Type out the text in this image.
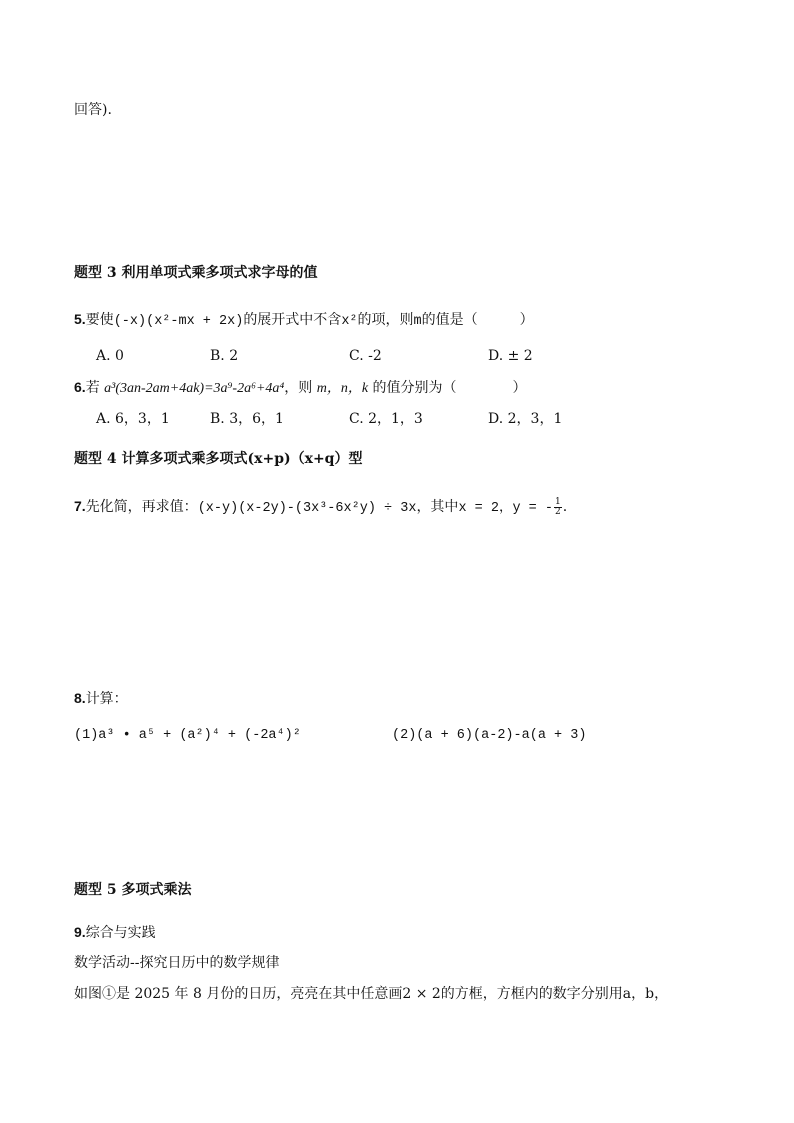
回答).
题型 3 利用单项式乘多项式求字母的值
5.要使(-x)(x²-mx + 2x)的展开式中不含x²的项，则m的值是（　　　）
A. 0	B. 2	C. -2	D. ± 2
6.若 a³(3an-2am+4ak)=3a⁹-2a⁶+4a⁴，则 m，n，k 的值分别为（　　　　）
A. 6，3，1	B. 3，6，1	C. 2，1，3	D. 2，3，1
题型 4 计算多项式乘多项式(x+p)（x+q）型
7.先化简，再求值：(x-y)(x-2y)-(3x³-6x²y) ÷ 3x，其中x = 2，y = - $\frac{1}{2}$ .
8.计算：
(1)a³ • a⁵ + (a²)⁴ + (-2a⁴)²	(2)(a + 6)(a-2)-a(a + 3)
题型 5 多项式乘法
9.综合与实践
数学活动--探究日历中的数学规律
如图①是 2025 年 8 月份的日历，亮亮在其中任意画2 × 2的方框，方框内的数字分别用a，b，
